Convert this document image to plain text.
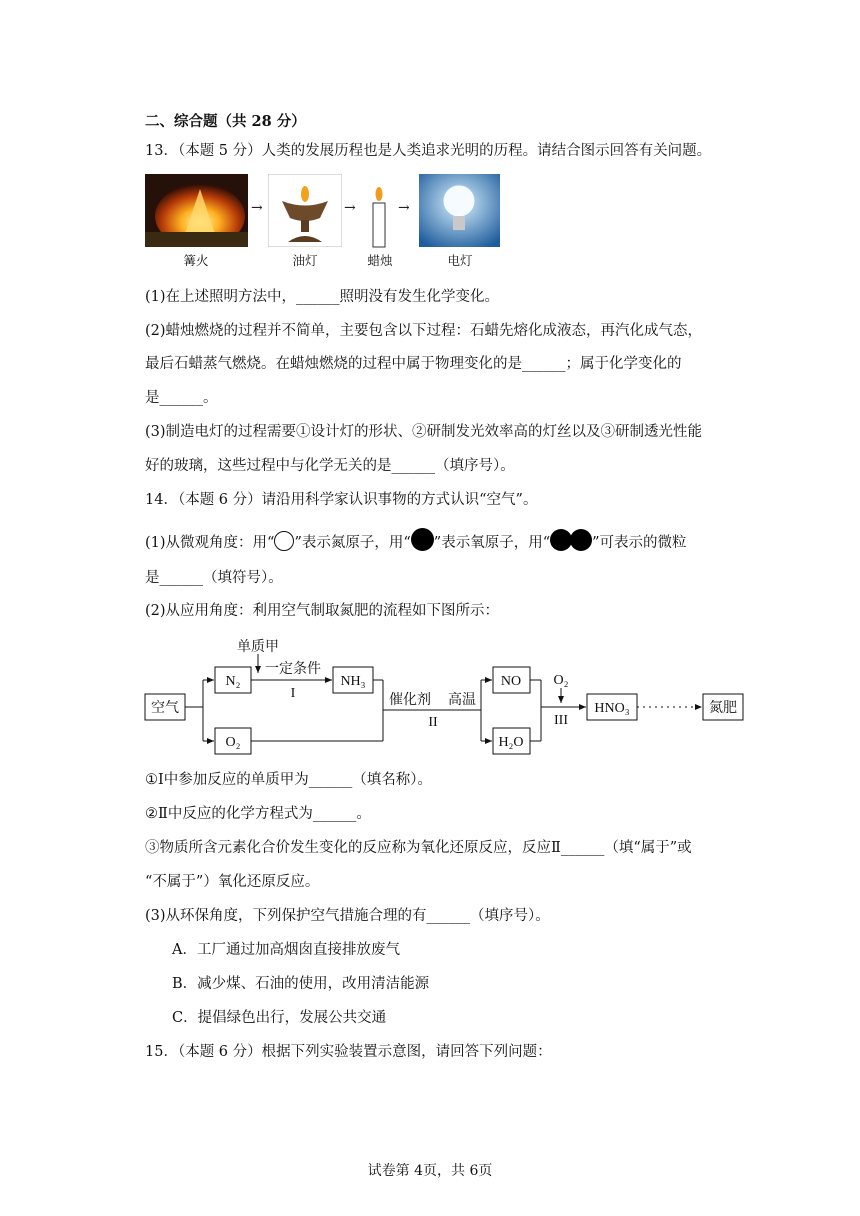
二、综合题（共 28 分）
13．（本题 5 分）人类的发展历程也是人类追求光明的历程。请结合图示回答有关问题。
→	→	→
篝火	油灯	蜡烛	电灯
(1)在上述照明方法中，______照明没有发生化学变化。
(2)蜡烛燃烧的过程并不简单，主要包含以下过程：石蜡先熔化成液态，再汽化成气态，
最后石蜡蒸气燃烧。在蜡烛燃烧的过程中属于物理变化的是______；属于化学变化的
是______。
(3)制造电灯的过程需要①设计灯的形状、②研制发光效率高的灯丝以及③研制透光性能
好的玻璃，这些过程中与化学无关的是______（填序号）。
14．（本题 6 分）请沿用科学家认识事物的方式认识“空气”。
(1)从微观角度：用“ ”表示氮原子，用“ ”表示氧原子，用“	”可表示的微粒
是______（填符号）。
(2)从应用角度：利用空气制取氮肥的流程如下图所示：
空气
N₂
O₂
NH₃	NO
H₂O
HNO₃	氮肥
单质甲
一定条件
I	催化剂 高温
II
O₂
III
①Ⅰ中参加反应的单质甲为______（填名称）。
②Ⅱ中反应的化学方程式为______。
③物质所含元素化合价发生变化的反应称为氧化还原反应，反应Ⅱ______（填“属于”或
“不属于”）氧化还原反应。
(3)从环保角度，下列保护空气措施合理的有______（填序号）。
A．工厂通过加高烟囱直接排放废气
B．减少煤、石油的使用，改用清洁能源
C．提倡绿色出行，发展公共交通
15．（本题 6 分）根据下列实验装置示意图，请回答下列问题：
试卷第 4页，共 6页
